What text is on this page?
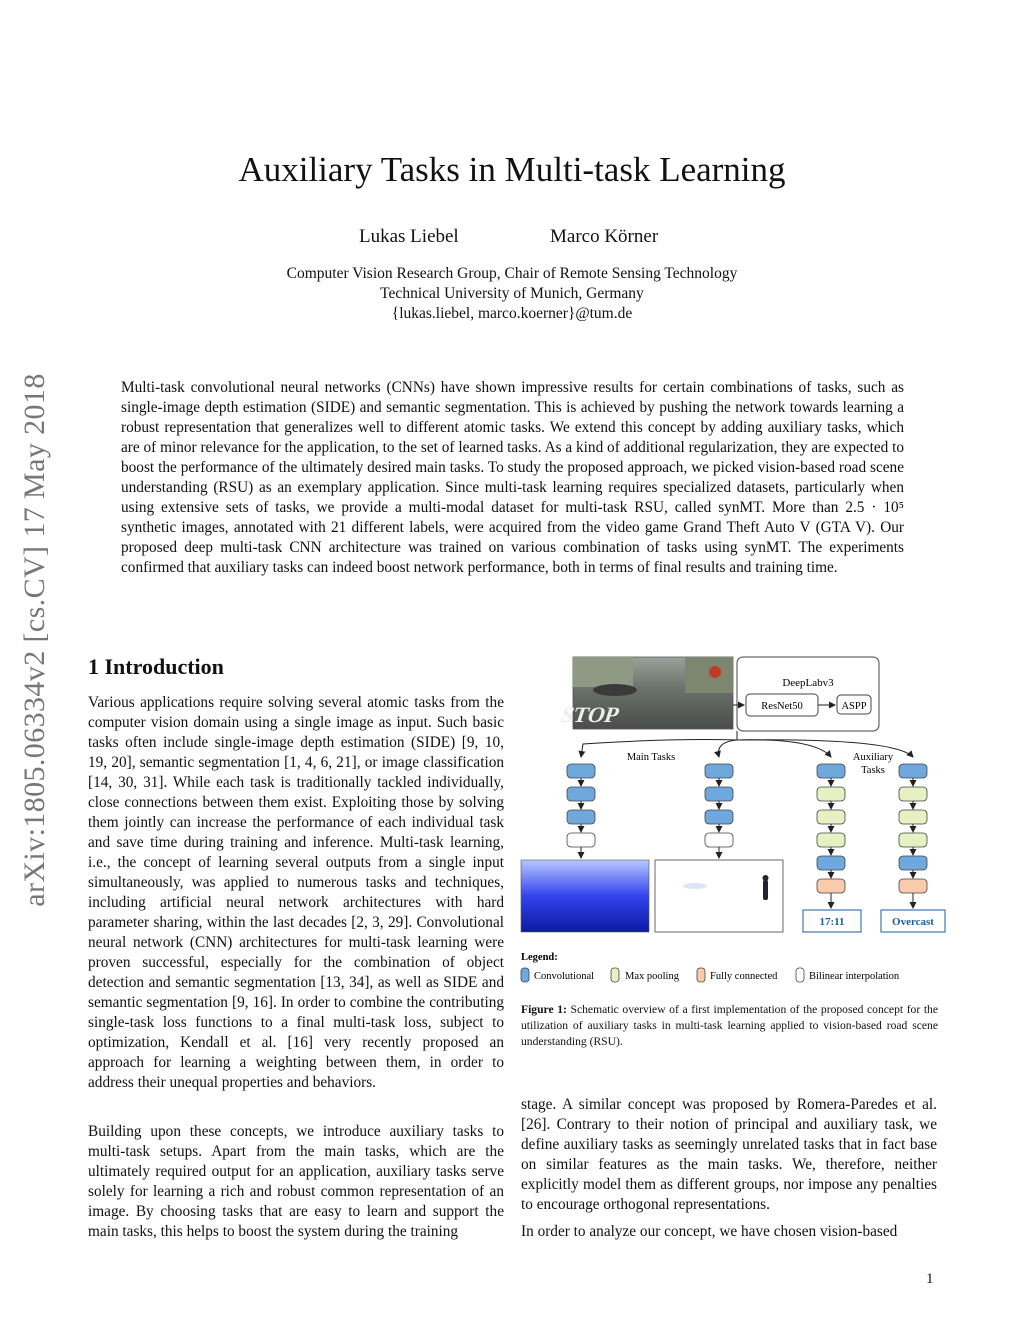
arXiv:1805.06334v2 [cs.CV] 17 May 2018
Auxiliary Tasks in Multi-task Learning
Lukas Liebel	Marco Körner
Computer Vision Research Group, Chair of Remote Sensing Technology
Technical University of Munich, Germany
{lukas.liebel, marco.koerner}@tum.de
Multi-task convolutional neural networks (CNNs) have shown impressive results for certain combinations of tasks, such as single-image depth estimation (SIDE) and semantic segmentation. This is achieved by pushing the network towards learning a robust representation that generalizes well to different atomic tasks. We extend this concept by adding auxiliary tasks, which are of minor relevance for the application, to the set of learned tasks. As a kind of additional regularization, they are expected to boost the performance of the ultimately desired main tasks. To study the proposed approach, we picked vision-based road scene understanding (RSU) as an exemplary application. Since multi-task learning requires specialized datasets, particularly when using extensive sets of tasks, we provide a multi-modal dataset for multi-task RSU, called synMT. More than 2.5 · 10⁵ synthetic images, annotated with 21 different labels, were acquired from the video game Grand Theft Auto V (GTA V). Our proposed deep multi-task CNN architecture was trained on various combination of tasks using synMT. The experiments confirmed that auxiliary tasks can indeed boost network performance, both in terms of final results and training time.
1 Introduction

Various applications require solving several atomic tasks from the computer vision domain using a single image as input. Such basic tasks often include single-image depth estimation (SIDE) [9, 10, 19, 20], semantic segmentation [1, 4, 6, 21], or image classification [14, 30, 31]. While each task is traditionally tackled individually, close connections between them exist. Exploiting those by solving them jointly can increase the performance of each individual task and save time during training and inference. Multi-task learning, i.e., the concept of learning several outputs from a single input simultaneously, was applied to numerous tasks and techniques, including artificial neural network architectures with hard parameter sharing, within the last decades [2, 3, 29]. Convolutional neural network (CNN) architectures for multi-task learning were proven successful, especially for the combination of object detection and semantic segmentation [13, 34], as well as SIDE and semantic segmentation [9, 16]. In order to combine the contributing single-task loss functions to a final multi-task loss, subject to optimization, Kendall et al. [16] very recently proposed an approach for learning a weighting between them, in order to address their unequal properties and behaviors.

Building upon these concepts, we introduce auxiliary tasks to multi-task setups. Apart from the main tasks, which are the ultimately required output for an application, auxiliary tasks serve solely for learning a rich and robust common representation of an image. By choosing tasks that are easy to learn and support the main tasks, this helps to boost the system during the training

STOP
DeepLabv3
ResNet50	ASPP
Main Tasks	Auxiliary
Tasks
17:11	Overcast
Legend:
Convolutional	Max pooling	Fully connected	Bilinear interpolation
Figure 1: Schematic overview of a first implementation of the proposed concept for the utilization of auxiliary tasks in multi-task learning applied to vision-based road scene understanding (RSU).

stage. A similar concept was proposed by Romera-Paredes et al. [26]. Contrary to their notion of principal and auxiliary task, we define auxiliary tasks as seemingly unrelated tasks that in fact base on similar features as the main tasks. We, therefore, neither explicitly model them as different groups, nor impose any penalties to encourage orthogonal representations.

In order to analyze our concept, we have chosen vision-based

1
